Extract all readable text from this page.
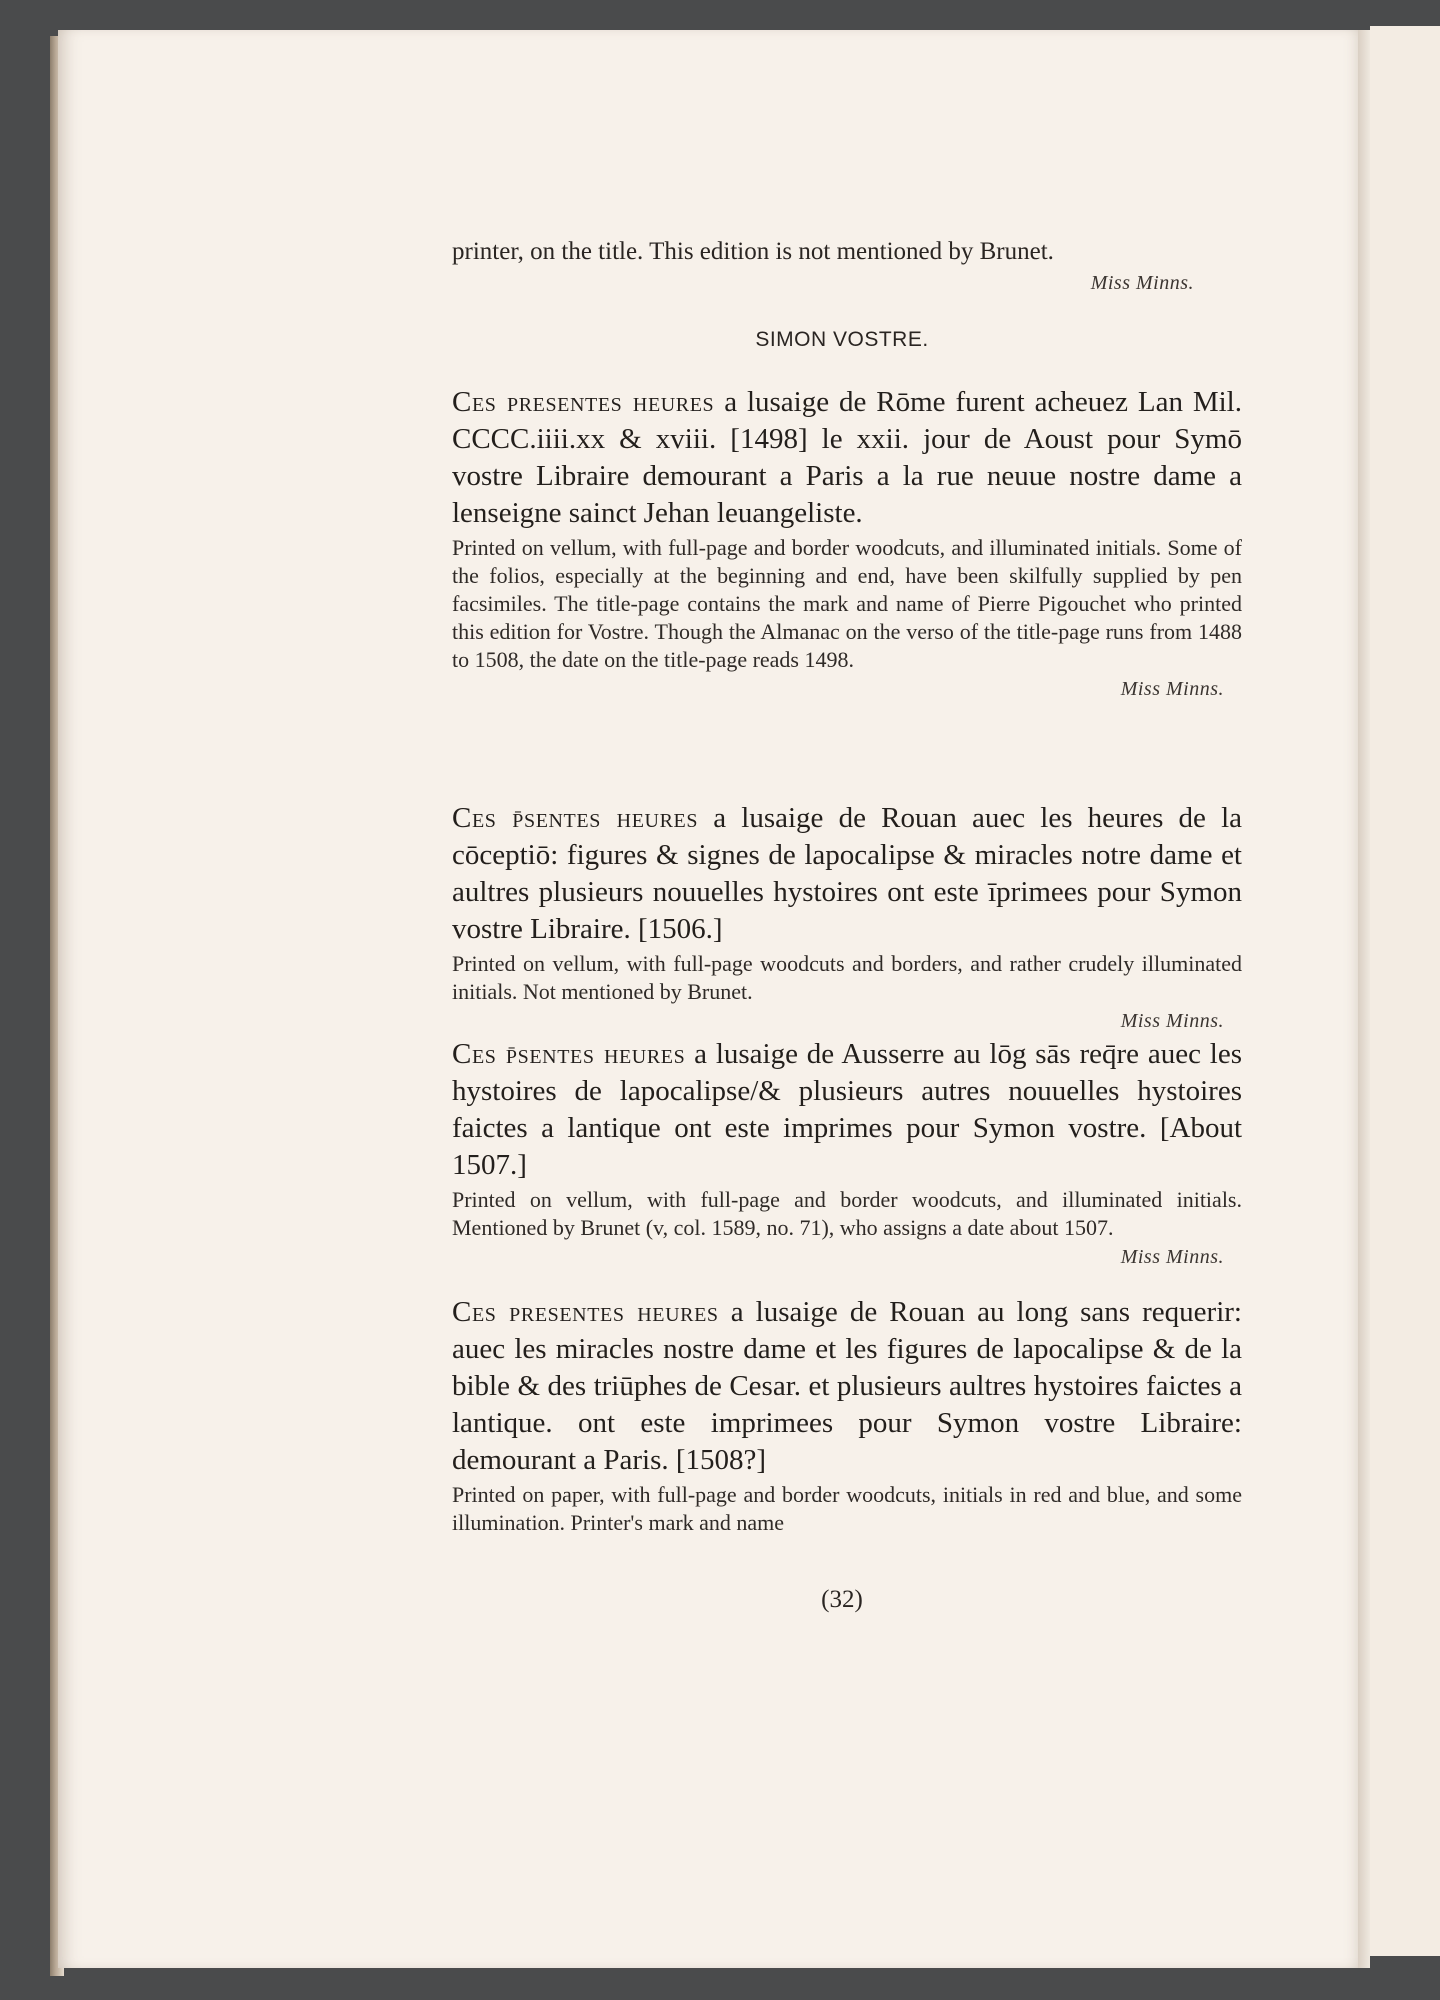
printer, on the title. This edition is not mentioned by Brunet.
Miss Minns.
SIMON VOSTRE.
Ces presentes heures a lusaige de Rōme furent acheuez Lan Mil. CCCC.iiii.xx & xviii. [1498] le xxii. jour de Aoust pour Symō vostre Libraire demourant a Paris a la rue neuue nostre dame a lenseigne sainct Jehan leuangeliste.
Printed on vellum, with full-page and border woodcuts, and illuminated initials. Some of the folios, especially at the beginning and end, have been skilfully supplied by pen facsimiles. The title-page contains the mark and name of Pierre Pigouchet who printed this edition for Vostre. Though the Almanac on the verso of the title-page runs from 1488 to 1508, the date on the title-page reads 1498.
Miss Minns.
Ces p̄sentes heures a lusaige de Rouan auec les heures de la cōceptiō: figures & signes de lapocalipse & miracles notre dame et aultres plusieurs nouuelles hystoires ont este īprimees pour Symon vostre Libraire. [1506.]
Printed on vellum, with full-page woodcuts and borders, and rather crudely illuminated initials. Not mentioned by Brunet.
Miss Minns.
Ces p̄sentes heures a lusaige de Ausserre au lōg sās req̄re auec les hystoires de lapocalipse/& plusieurs autres nouuelles hystoires faictes a lantique ont este imprimes pour Symon vostre. [About 1507.]
Printed on vellum, with full-page and border woodcuts, and illuminated initials. Mentioned by Brunet (v, col. 1589, no. 71), who assigns a date about 1507.
Miss Minns.
Ces presentes heures a lusaige de Rouan au long sans requerir: auec les miracles nostre dame et les figures de lapocalipse & de la bible & des triūphes de Cesar. et plusieurs aultres hystoires faictes a lantique. ont este imprimees pour Symon vostre Libraire: demourant a Paris. [1508?]
Printed on paper, with full-page and border woodcuts, initials in red and blue, and some illumination. Printer's mark and name
(32)
